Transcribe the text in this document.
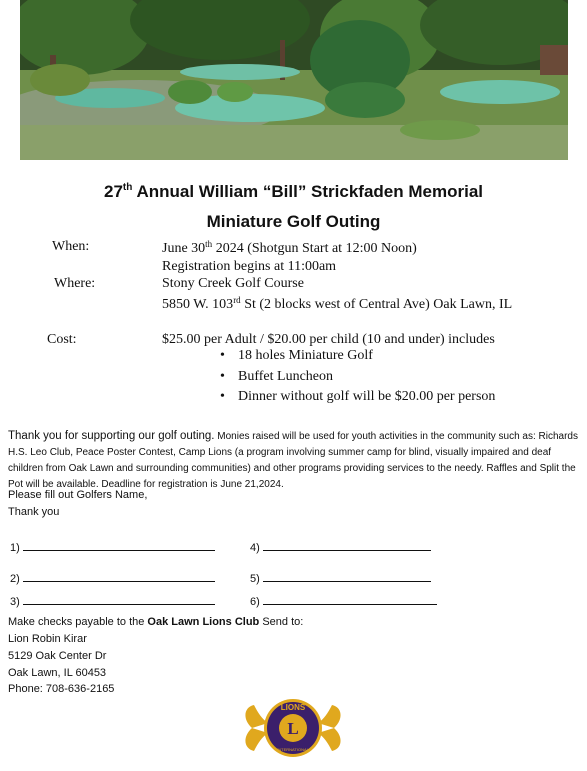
27th Annual William “Bill” Strickfaden Memorial
Miniature Golf Outing
When:	June 30th 2024 (Shotgun Start at 12:00 Noon)
Registration begins at 11:00am
Where:	Stony Creek Golf Course
5850 W. 103rd St (2 blocks west of Central Ave) Oak Lawn, IL
Cost:	$25.00 per Adult / $20.00 per child (10 and under) includes
• 18 holes Miniature Golf
• Buffet Luncheon
• Dinner without golf will be $20.00 per person
Thank you for supporting our golf outing. Monies raised will be used for youth activities in the community such as: Richards H.S. Leo Club, Peace Poster Contest, Camp Lions (a program involving summer camp for blind, visually impaired and deaf children from Oak Lawn and surrounding communities) and other programs providing services to the needy. Raffles and Split the Pot will be available. Deadline for registration is June 21,2024.
Please fill out Golfers Name,
Thank you
1)	4)
2)	5)
3)	6)
Make checks payable to the Oak Lawn Lions Club Send to:
Lion Robin Kirar
5129 Oak Center Dr
Oak Lawn, IL 60453
Phone: 708-636-2165
LIONS
L
INTERNATIONAL
